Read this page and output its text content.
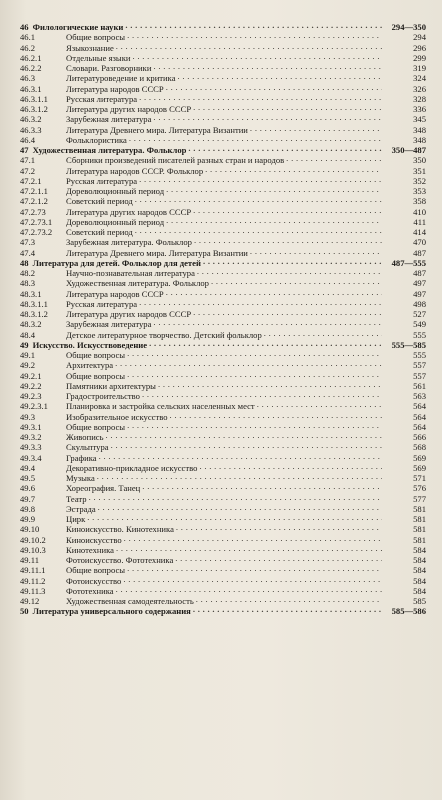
46 Филологические науки . . .	294—350
46.1	Общие вопросы . . .	294
46.2	Языкознание . . .	296
46.2.1	Отдельные языки . . .	299
46.2.2	Словари. Разговорники . . .	319
46.3	Литературоведение и критика . . .	324
46.3.1	Литература народов СССР . . .	326
46.3.1.1	Русская литература . . .	328
46.3.1.2	Литература других народов СССР . . .	336
46.3.2	Зарубежная литература . . .	345
46.3.3	Литература Древнего мира. Литература Византии . . .	348
46.4	Фольклористика . . .	348
47 Художественная литература. Фольклор . . .	350—487
47.1	Сборники произведений писателей разных стран и народов . . .	350
47.2	Литература народов СССР. Фольклор . . .	351
47.2.1	Русская литература . . .	352
47.2.1.1	Дореволюционный период . . .	353
47.2.1.2	Советский период . . .	358
47.2.73	Литература других народов СССР . . .	410
47.2.73.1	Дореволюционный период . . .	411
47.2.73.2	Советский период . . .	414
47.3	Зарубежная литература. Фольклор . . .	470
47.4	Литература Древнего мира. Литература Византии . . .	487
48 Литература для детей. Фольклор для детей . . .	487—555
48.2	Научно-познавательная литература . . .	487
48.3	Художественная литература. Фольклор . . .	497
48.3.1	Литература народов СССР . . .	497
48.3.1.1	Русская литература . . .	498
48.3.1.2	Литература других народов СССР . . .	527
48.3.2	Зарубежная литература . . .	549
48.4	Детское литературное творчество. Детский фольклор . . .	555
49 Искусство. Искусствоведение . . .	555—585
49.1	Общие вопросы . . .	555
49.2	Архитектура . . .	557
49.2.1	Общие вопросы . . .	557
49.2.2	Памятники архитектуры . . .	561
49.2.3	Градостроительство . . .	563
49.2.3.1	Планировка и застройка сельских населенных мест . . .	564
49.3	Изобразительное искусство . . .	564
49.3.1	Общие вопросы . . .	564
49.3.2	Живопись . . .	566
49.3.3	Скульптура . . .	568
49.3.4	Графика . . .	569
49.4	Декоративно-прикладное искусство . . .	569
49.5	Музыка . . .	571
49.6	Хореография. Танец . . .	576
49.7	Театр . . .	577
49.8	Эстрада . . .	581
49.9	Цирк . . .	581
49.10	Киноискусство. Кинотехника . . .	581
49.10.2	Киноискусство . . .	581
49.10.3	Кинотехника . . .	584
49.11	Фотоискусство. Фототехника . . .	584
49.11.1	Общие вопросы . . .	584
49.11.2	Фотоискусство . . .	584
49.11.3	Фототехника . . .	584
49.12	Художественная самодеятельность . . .	585
50 Литература универсального содержания . . .	585—586
